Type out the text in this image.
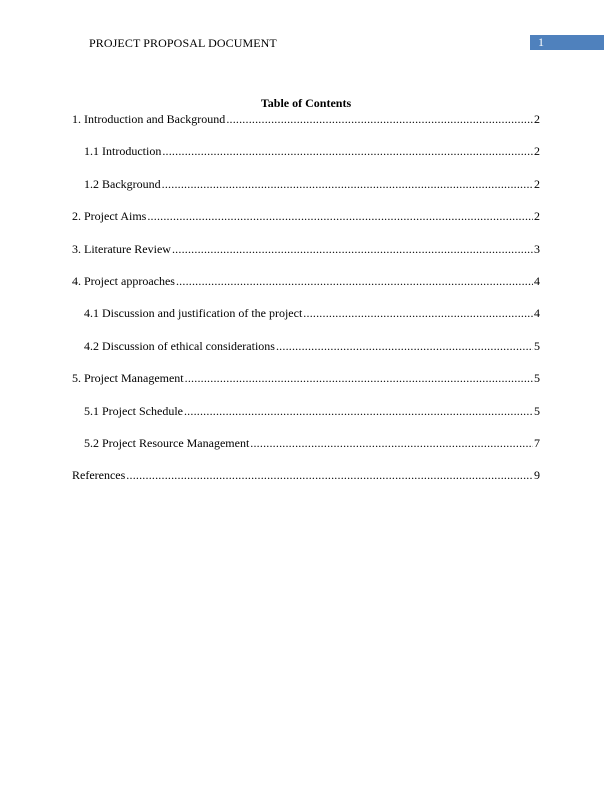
PROJECT PROPOSAL DOCUMENT	1
Table of Contents
1. Introduction and Background .....	2
1.1 Introduction .....	2
1.2 Background .....	2
2. Project Aims .....	2
3. Literature Review .....	3
4. Project approaches .....	4
4.1 Discussion and justification of the project .....	4
4.2 Discussion of ethical considerations .....	5
5. Project Management .....	5
5.1 Project Schedule .....	5
5.2 Project Resource Management .....	7
References .....	9
